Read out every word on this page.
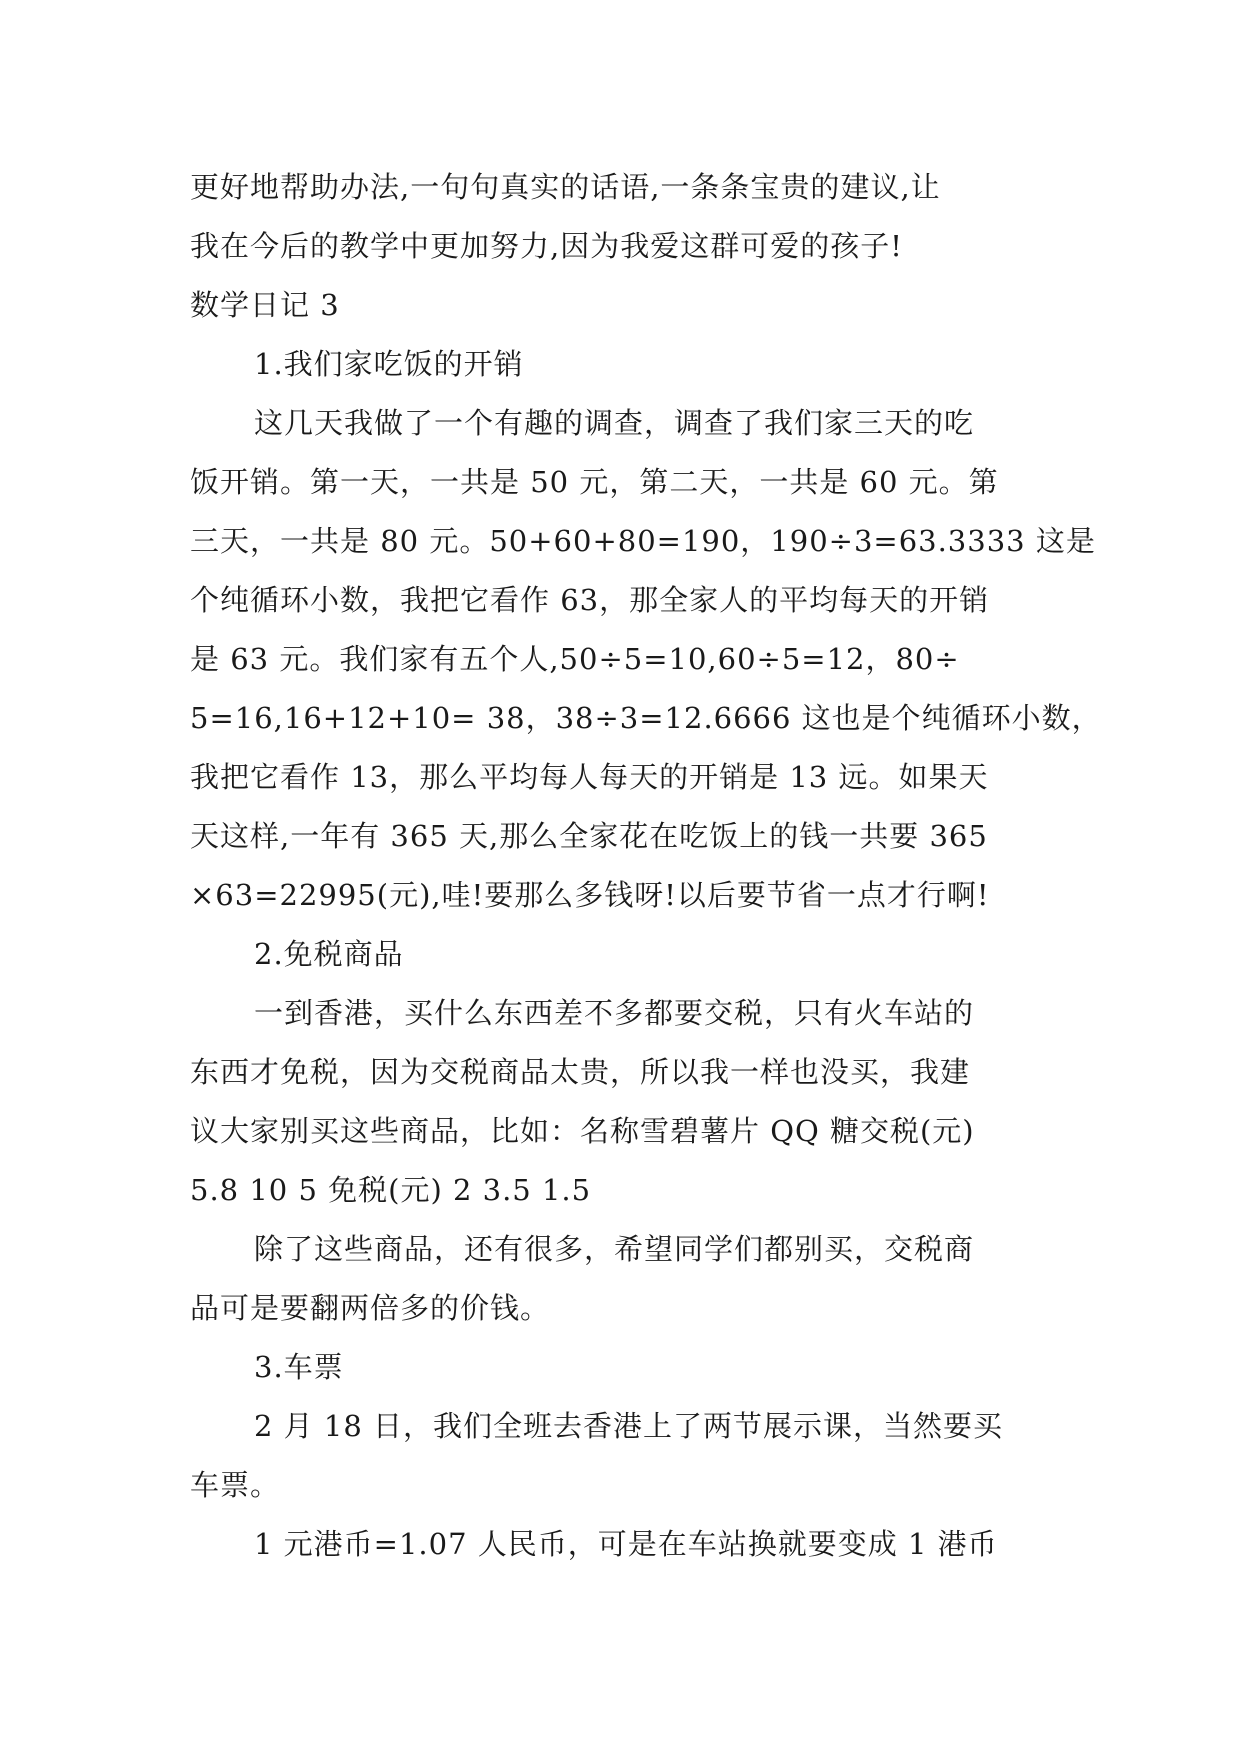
更好地帮助办法,一句句真实的话语,一条条宝贵的建议,让
我在今后的教学中更加努力,因为我爱这群可爱的孩子!
数学日记 3
1.我们家吃饭的开销
这几天我做了一个有趣的调查，调查了我们家三天的吃
饭开销。第一天，一共是 50 元，第二天，一共是 60 元。第
三天，一共是 80 元。50+60+80=190，190÷3=63.3333 这是
个纯循环小数，我把它看作 63，那全家人的平均每天的开销
是 63 元。我们家有五个人,50÷5=10,60÷5=12，80÷
5=16,16+12+10= 38，38÷3=12.6666 这也是个纯循环小数，
我把它看作 13，那么平均每人每天的开销是 13 远。如果天
天这样,一年有 365 天,那么全家花在吃饭上的钱一共要 365
×63=22995(元),哇!要那么多钱呀!以后要节省一点才行啊!
2.免税商品
一到香港，买什么东西差不多都要交税，只有火车站的
东西才免税，因为交税商品太贵，所以我一样也没买，我建
议大家别买这些商品，比如：名称雪碧薯片 QQ 糖交税(元)
5.8 10 5 免税(元) 2 3.5 1.5
除了这些商品，还有很多，希望同学们都别买，交税商
品可是要翻两倍多的价钱。
3.车票
2 月 18 日，我们全班去香港上了两节展示课，当然要买
车票。
1 元港币=1.07 人民币，可是在车站换就要变成 1 港币
